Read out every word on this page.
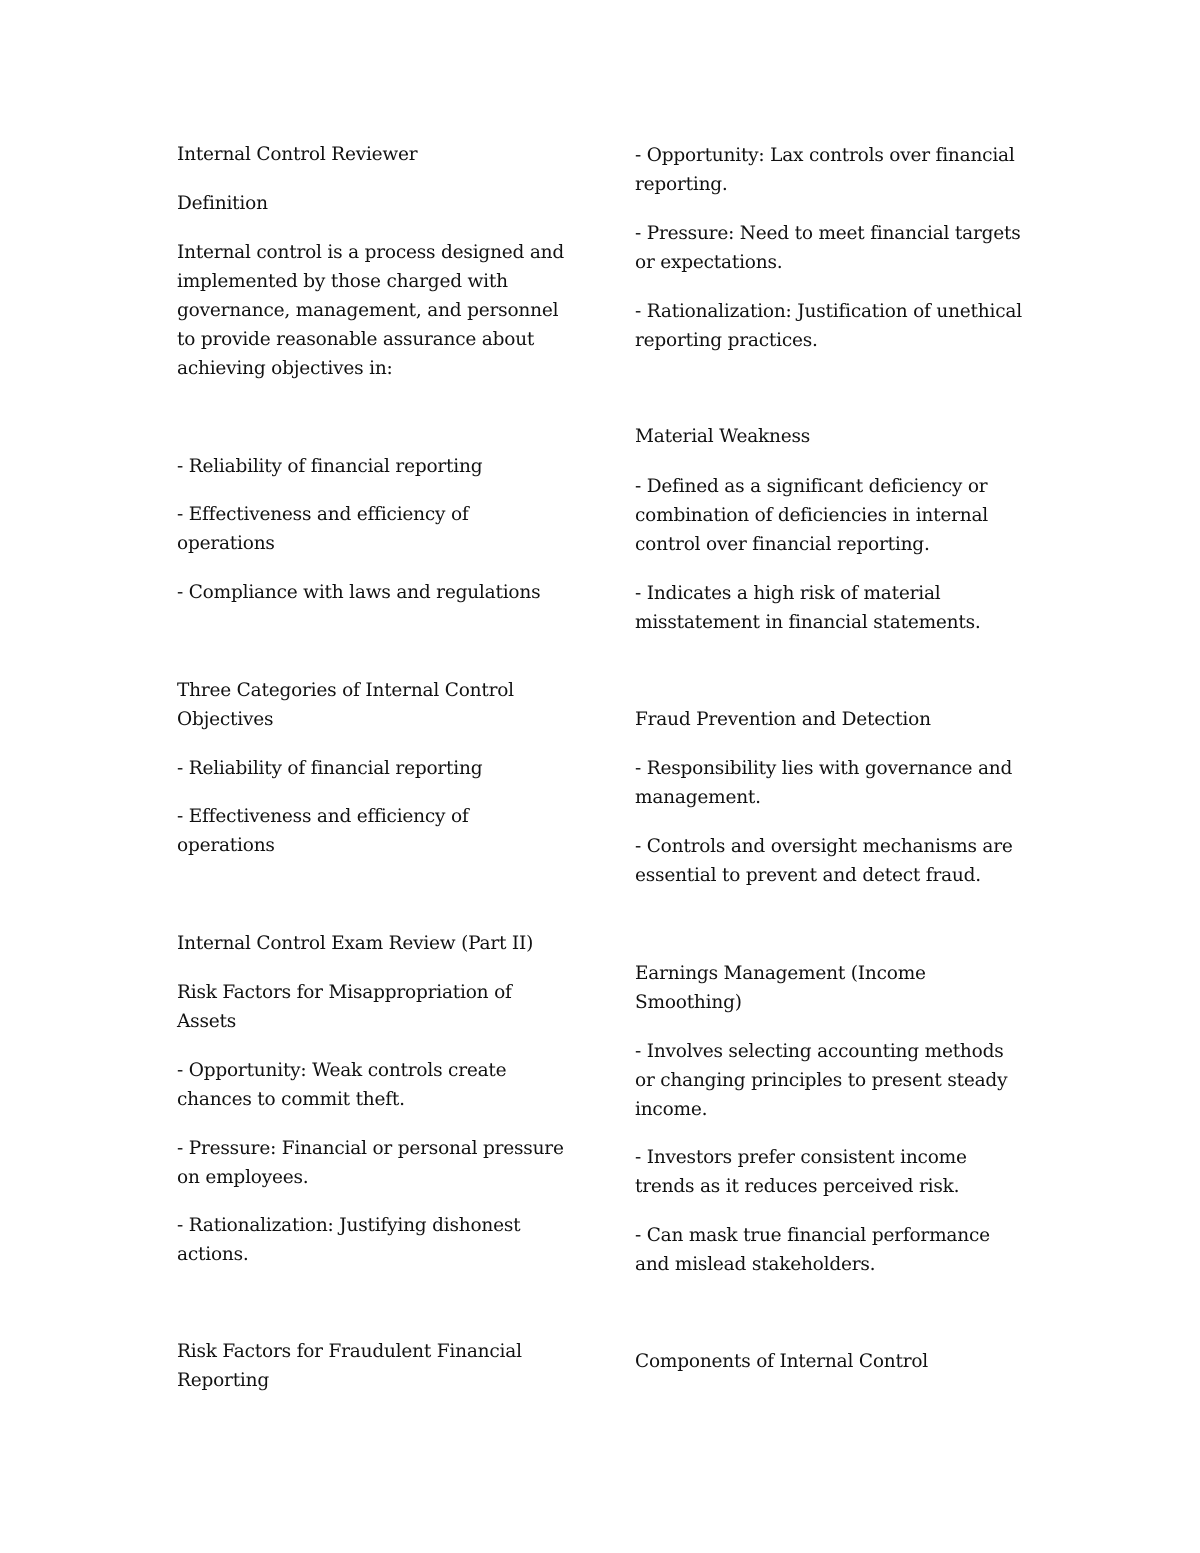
Internal Control Reviewer

Definition

Internal control is a process designed and implemented by those charged with governance, management, and personnel to provide reasonable assurance about achieving objectives in:

- Reliability of financial reporting

- Effectiveness and efficiency of operations

- Compliance with laws and regulations

Three Categories of Internal Control Objectives

- Reliability of financial reporting

- Effectiveness and efficiency of operations

Internal Control Exam Review (Part II)

Risk Factors for Misappropriation of Assets

- Opportunity: Weak controls create chances to commit theft.

- Pressure: Financial or personal pressure on employees.

- Rationalization: Justifying dishonest actions.

Risk Factors for Fraudulent Financial Reporting

- Opportunity: Lax controls over financial reporting.

- Pressure: Need to meet financial targets or expectations.

- Rationalization: Justification of unethical reporting practices.

Material Weakness

- Defined as a significant deficiency or combination of deficiencies in internal control over financial reporting.

- Indicates a high risk of material misstatement in financial statements.

Fraud Prevention and Detection

- Responsibility lies with governance and management.

- Controls and oversight mechanisms are essential to prevent and detect fraud.

Earnings Management (Income Smoothing)

- Involves selecting accounting methods or changing principles to present steady income.

- Investors prefer consistent income trends as it reduces perceived risk.

- Can mask true financial performance and mislead stakeholders.

Components of Internal Control
